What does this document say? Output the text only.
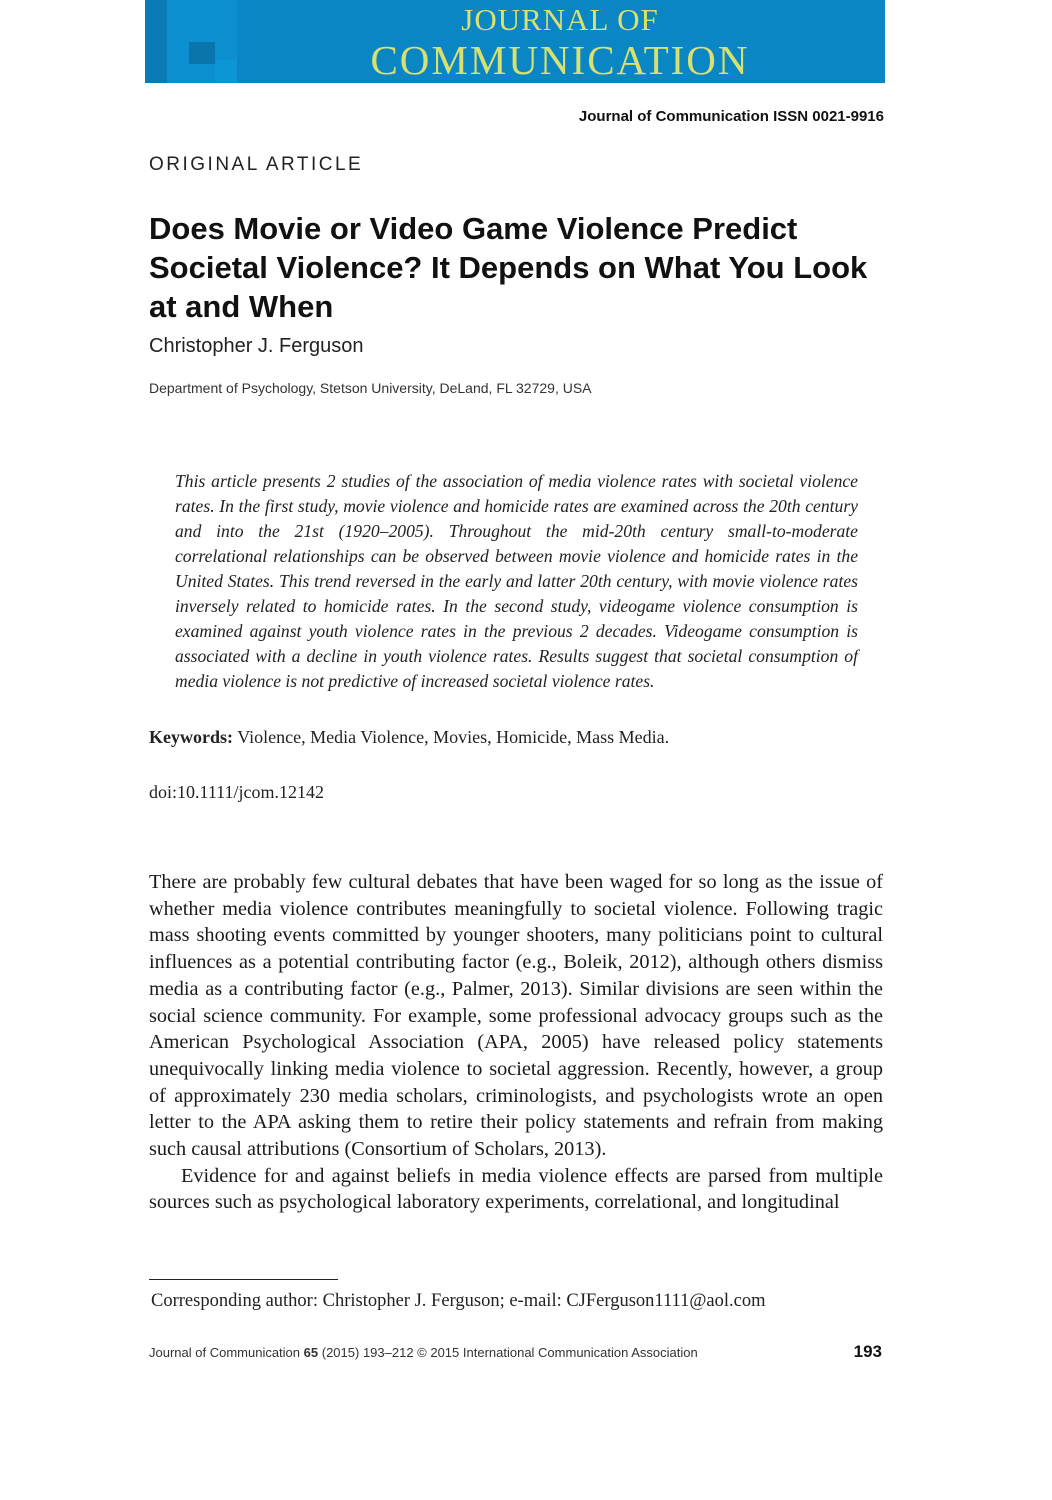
JOURNAL OF
COMMUNICATION
Journal of Communication ISSN 0021-9916
ORIGINAL ARTICLE
Does Movie or Video Game Violence Predict Societal Violence? It Depends on What You Look at and When
Christopher J. Ferguson
Department of Psychology, Stetson University, DeLand, FL 32729, USA

This article presents 2 studies of the association of media violence rates with societal violence rates. In the first study, movie violence and homicide rates are examined across the 20th century and into the 21st (1920–2005). Throughout the mid-20th century small-to-moderate correlational relationships can be observed between movie violence and homicide rates in the United States. This trend reversed in the early and latter 20th century, with movie violence rates inversely related to homicide rates. In the second study, videogame violence consumption is examined against youth violence rates in the previous 2 decades. Videogame consumption is associated with a decline in youth violence rates. Results suggest that societal consumption of media violence is not predictive of increased societal violence rates.

Keywords: Violence, Media Violence, Movies, Homicide, Mass Media.
doi:10.1111/jcom.12142

There are probably few cultural debates that have been waged for so long as the issue of whether media violence contributes meaningfully to societal violence. Following tragic mass shooting events committed by younger shooters, many politicians point to cultural influences as a potential contributing factor (e.g., Boleik, 2012), although others dismiss media as a contributing factor (e.g., Palmer, 2013). Similar divisions are seen within the social science community. For example, some professional advocacy groups such as the American Psychological Association (APA, 2005) have released policy statements unequivocally linking media violence to societal aggression. Recently, however, a group of approximately 230 media scholars, criminologists, and psychologists wrote an open letter to the APA asking them to retire their policy statements and refrain from making such causal attributions (Consortium of Scholars, 2013).

Evidence for and against beliefs in media violence effects are parsed from multiple sources such as psychological laboratory experiments, correlational, and longitudinal

Corresponding author: Christopher J. Ferguson; e-mail: CJFerguson1111@aol.com
Journal of Communication 65 (2015) 193–212 © 2015 International Communication Association	193
